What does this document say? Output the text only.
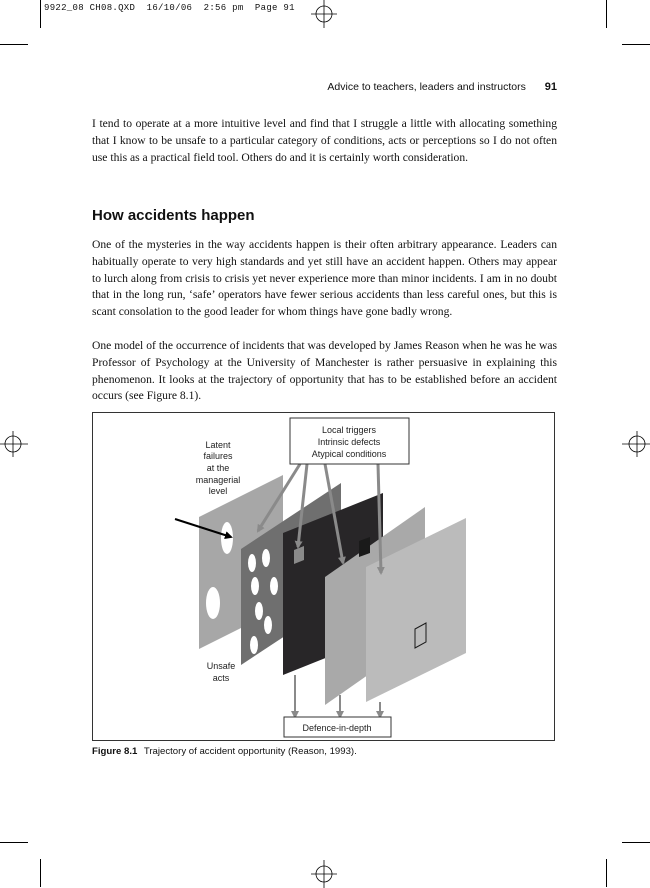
9922_08 CH08.QXD  16/10/06  2:56 pm  Page 91
Advice to teachers, leaders and instructors 91

I tend to operate at a more intuitive level and find that I struggle a little with allocating something that I know to be unsafe to a particular category of conditions, acts or perceptions so I do not often use this as a practical field tool. Others do and it is certainly worth consideration.

How accidents happen

One of the mysteries in the way accidents happen is their often arbitrary appearance. Leaders can habitually operate to very high standards and yet still have an accident happen. Others may appear to lurch along from crisis to crisis yet never experience more than minor incidents. I am in no doubt that in the long run, ‘safe’ operators have fewer serious accidents than less careful ones, but this is scant consolation to the good leader for whom things have gone badly wrong.

One model of the occurrence of incidents that was developed by James Reason when he was he was Professor of Psychology at the University of Manchester is rather persuasive in explaining this phenomenon. It looks at the trajectory of opportunity that has to be established before an accident occurs (see Figure 8.1).

Local triggers
Intrinsic defects
Atypical conditions
Latent
failures
at the
managerial
level
Unsafe
acts
Defence-in-depth
Figure 8.1 Trajectory of accident opportunity (Reason, 1993).
